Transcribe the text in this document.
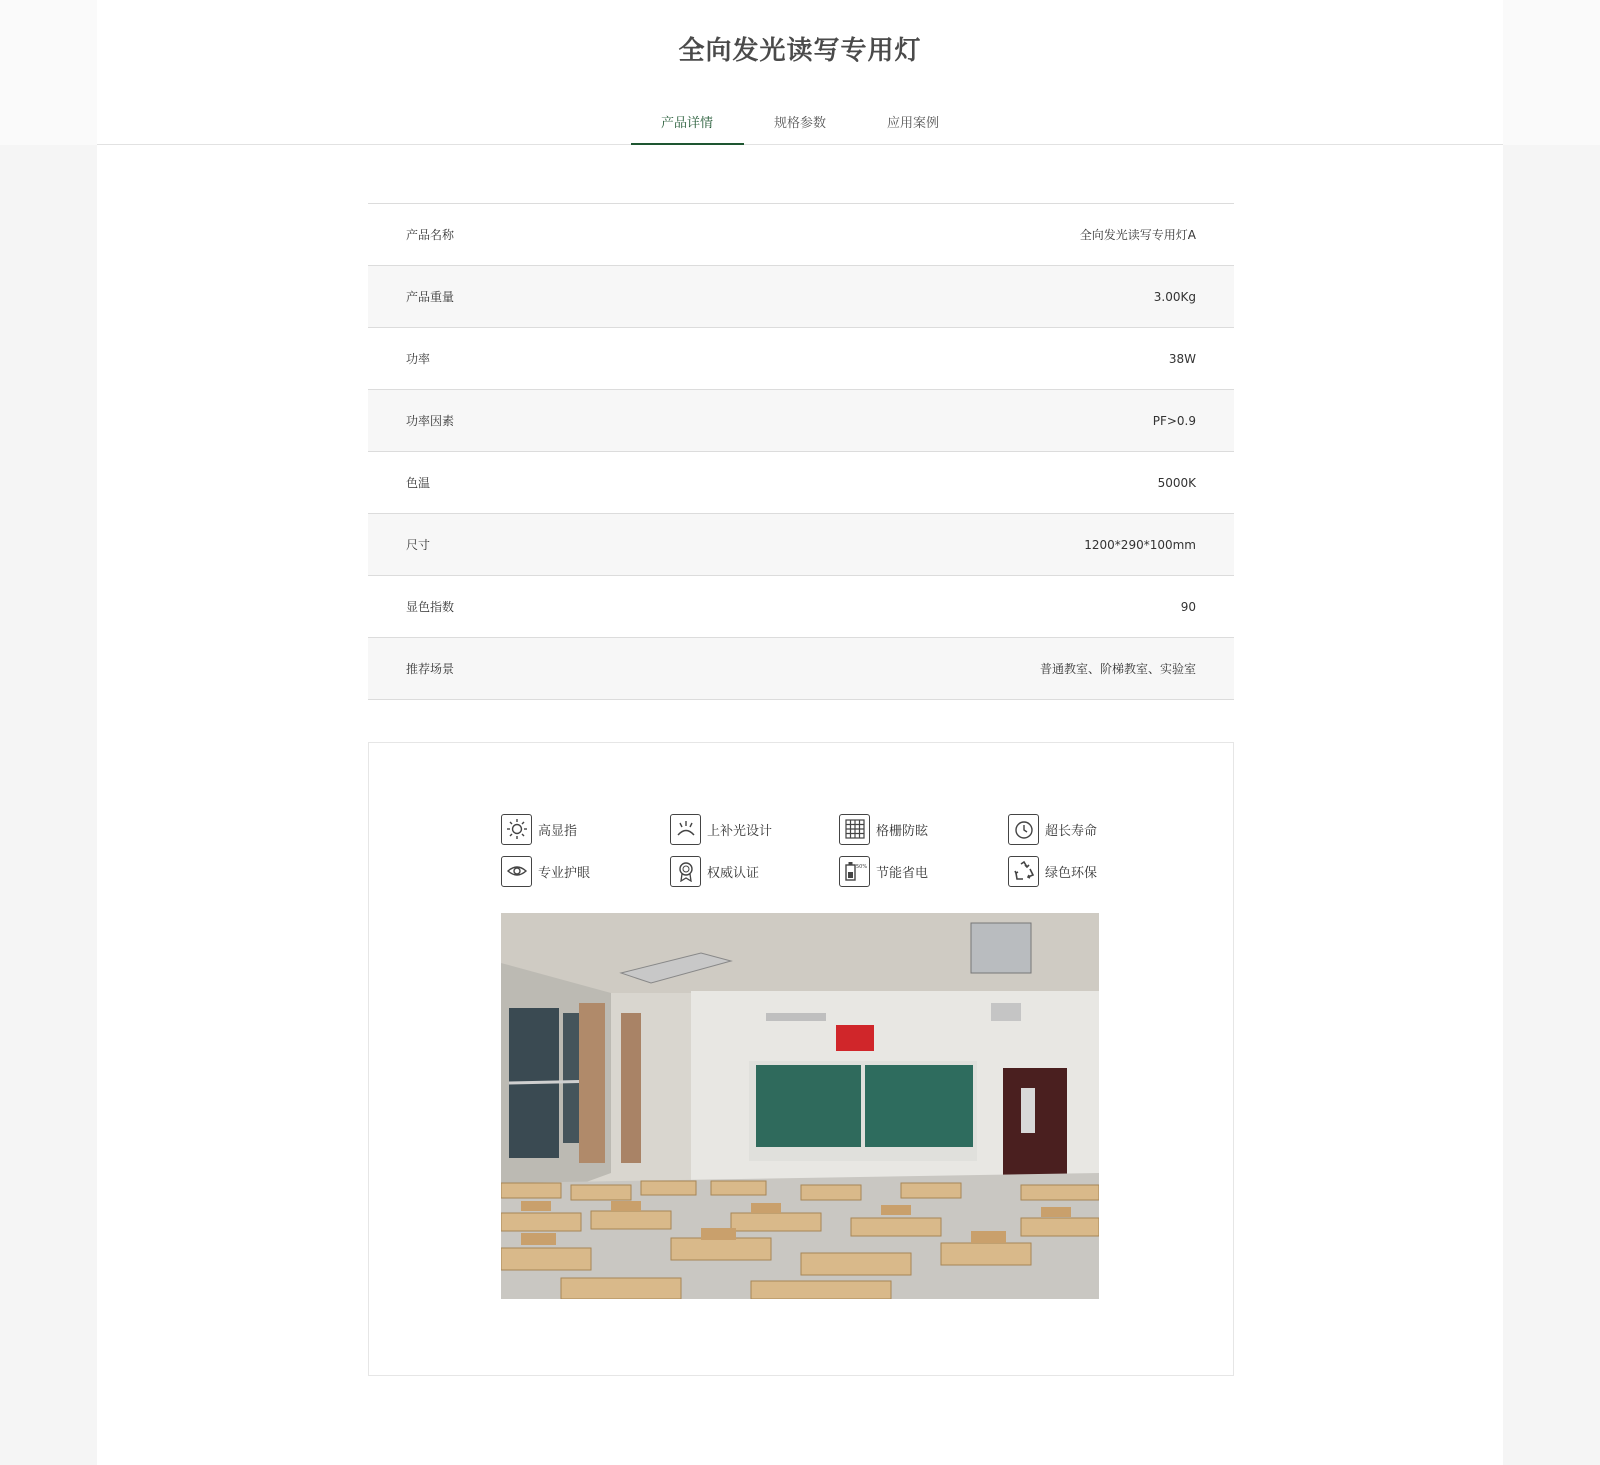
全向发光读写专用灯
产品详情	规格参数	应用案例
产品名称	全向发光读写专用灯A
产品重量	3.00Kg
功率	38W
功率因素	PF>0.9
色温	5000K
尺寸	1200*290*100mm
显色指数	90
推荐场景	普通教室、阶梯教室、实验室
高显指	上补光设计	格栅防眩	超长寿命
专业护眼	权威认证	50% 节能省电	绿色环保
